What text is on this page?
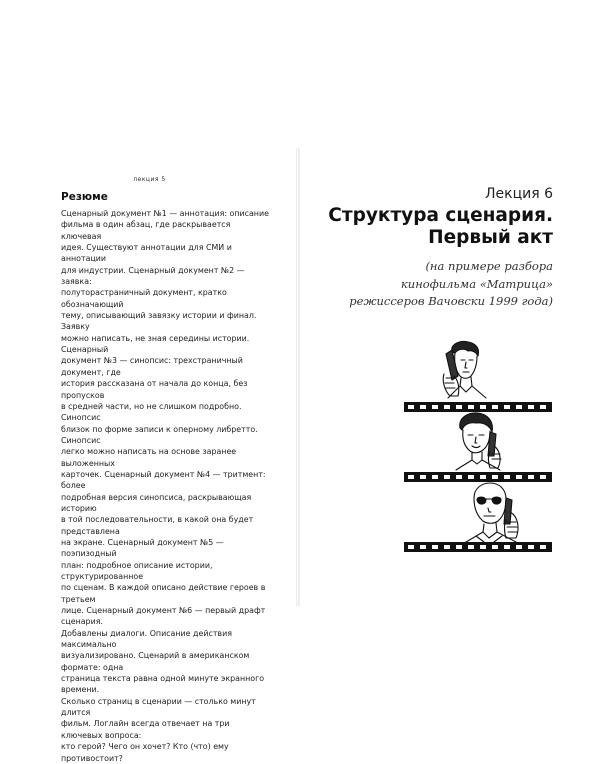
лекция 5
Резюме
Сценарный документ №1 — аннотация: описание
фильма в один абзац, где раскрывается ключевая
идея. Существуют аннотации для СМИ и аннотации
для индустрии. Сценарный документ №2 — заявка:
полуторастраничный документ, кратко обозначающий
тему, описывающий завязку истории и финал. Заявку
можно написать, не зная середины истории. Сценарный
документ №3 — синопсис: трехстраничный документ, где
история рассказана от начала до конца, без пропусков
в средней части, но не слишком подробно. Синопсис
близок по форме записи к оперному либретто. Синопсис
легко можно написать на основе заранее выложенных
карточек. Сценарный документ №4 — тритмент: более
подробная версия синопсиса, раскрывающая историю
в той последовательности, в какой она будет представлена
на экране. Сценарный документ №5 — поэпизодный
план: подробное описание истории, структурированное
по сценам. В каждой описано действие героев в третьем
лице. Сценарный документ №6 — первый драфт сценария.
Добавлены диалоги. Описание действия максимально
визуализировано. Сценарий в американском формате: одна
страница текста равна одной минуте экранного времени.
Сколько страниц в сценарии — столько минут длится
фильм. Логлайн всегда отвечает на три ключевых вопроса:
кто герой? Чего он хочет? Кто (что) ему противостоит?
Лекция 6
Структура сценария.
Первый акт
(на примере разбора
кинофильма «Матрица»
режиссеров Вачовски 1999 года)
